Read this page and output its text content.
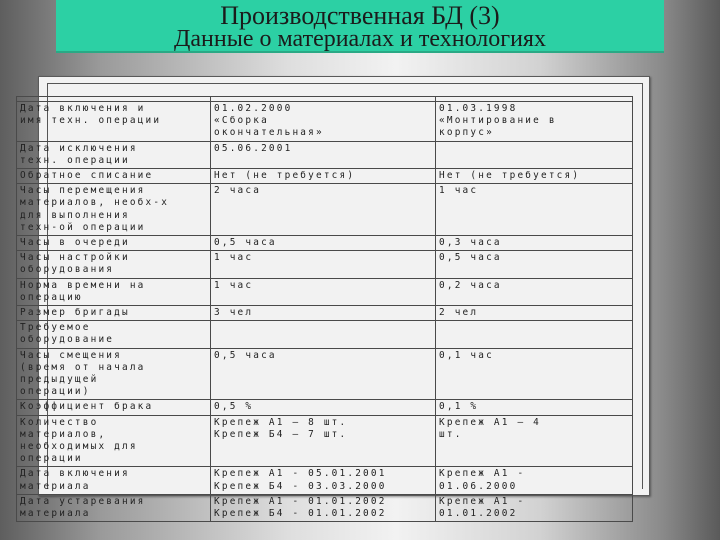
Производственная БД (3)
Данные о материалах и технологиях

Дата включения и
имя техн. операции	01.02.2000
«Сборка
окончательная»	01.03.1998
«Монтирование в
корпус»
Дата исключения
техн. операции	05.06.2001	
Обратное списание	Нет (не требуется)	Нет (не требуется)
Часы перемещения
материалов, необх-х
для выполнения
техн-ой операции	2 часа	1 час
Часы в очереди	0,5 часа	0,3 часа
Часы настройки
оборудования	1 час	0,5 часа
Норма времени на
операцию	1 час	0,2 часа
Размер бригады	3 чел	2 чел
Требуемое
оборудование		
Часы смещения
(время от начала
предыдущей
операции)	0,5 часа	0,1 час
Коэффициент брака	0,5 %	0,1 %
Количество
материалов,
необходимых для
операции	Крепеж А1 – 8 шт.
Крепеж Б4 – 7 шт.	Крепеж А1 – 4
шт.
Дата включения
материала	Крепеж А1 - 05.01.2001
Крепеж Б4 - 03.03.2000	Крепеж А1 -
01.06.2000
Дата устаревания
материала	Крепеж А1 - 01.01.2002
Крепеж Б4 - 01.01.2002	Крепеж А1 -
01.01.2002
